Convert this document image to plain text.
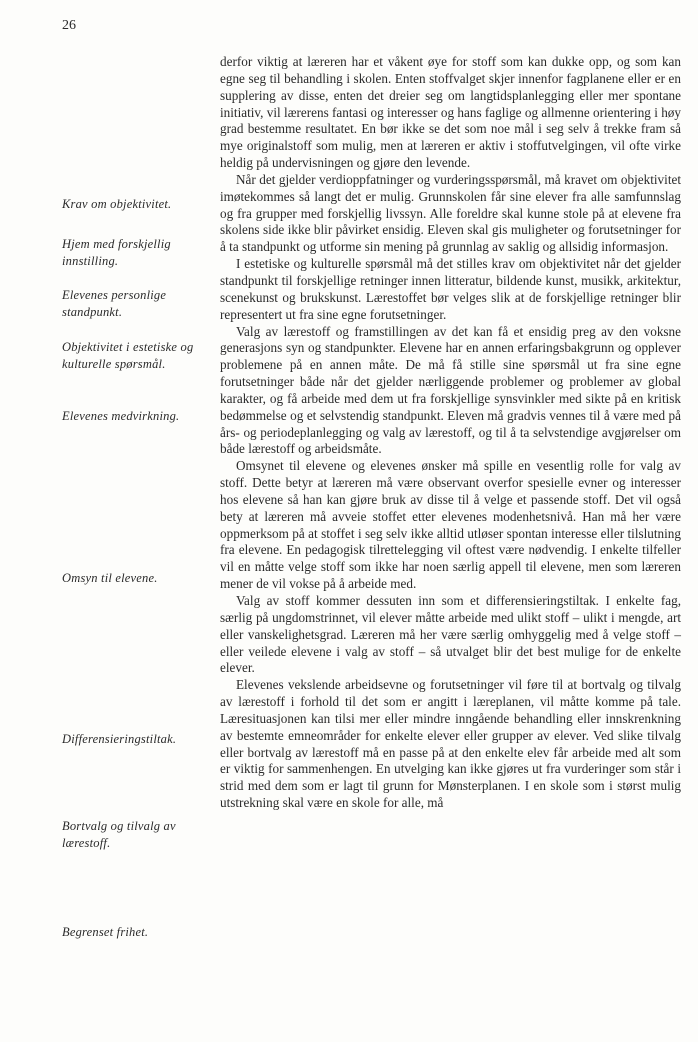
26
Krav om objektivitet.
Hjem med forskjellig innstilling.
Elevenes personlige standpunkt.
Objektivitet i estetiske og kulturelle spørsmål.
Elevenes medvirkning.
Omsyn til elevene.
Differensieringstiltak.
Bortvalg og tilvalg av lærestoff.
Begrenset frihet.

derfor viktig at læreren har et våkent øye for stoff som kan dukke opp, og som kan egne seg til behandling i skolen. Enten stoffvalget skjer innenfor fagplanene eller er en supplering av disse, enten det dreier seg om langtidsplanlegging eller mer spontane initiativ, vil lærerens fantasi og interesser og hans faglige og allmenne orientering i høy grad bestemme resultatet. En bør ikke se det som noe mål i seg selv å trekke fram så mye originalstoff som mulig, men at læreren er aktiv i stoffutvelgingen, vil ofte virke heldig på undervisningen og gjøre den levende.

Når det gjelder verdioppfatninger og vurderingsspørsmål, må kravet om objektivitet imøtekommes så langt det er mulig. Grunnskolen får sine elever fra alle samfunnslag og fra grupper med forskjellig livssyn. Alle foreldre skal kunne stole på at elevene fra skolens side ikke blir påvirket ensidig. Eleven skal gis muligheter og forutsetninger for å ta standpunkt og utforme sin mening på grunnlag av saklig og allsidig informasjon.

I estetiske og kulturelle spørsmål må det stilles krav om objektivitet når det gjelder standpunkt til forskjellige retninger innen litteratur, bildende kunst, musikk, arkitektur, scenekunst og brukskunst. Lærestoffet bør velges slik at de forskjellige retninger blir representert ut fra sine egne forutsetninger.

Valg av lærestoff og framstillingen av det kan få et ensidig preg av den voksne generasjons syn og standpunkter. Elevene har en annen erfaringsbakgrunn og opplever problemene på en annen måte. De må få stille sine spørsmål ut fra sine egne forutsetninger både når det gjelder nærliggende problemer og problemer av global karakter, og få arbeide med dem ut fra forskjellige synsvinkler med sikte på en kritisk bedømmelse og et selvstendig standpunkt. Eleven må gradvis vennes til å være med på års- og periodeplanlegging og valg av lærestoff, og til å ta selvstendige avgjørelser om både lærestoff og arbeidsmåte.

Omsynet til elevene og elevenes ønsker må spille en vesentlig rolle for valg av stoff. Dette betyr at læreren må være observant overfor spesielle evner og interesser hos elevene så han kan gjøre bruk av disse til å velge et passende stoff. Det vil også bety at læreren må avveie stoffet etter elevenes modenhetsnivå. Han må her være oppmerksom på at stoffet i seg selv ikke alltid utløser spontan interesse eller tilslutning fra elevene. En pedagogisk tilrettelegging vil oftest være nødvendig. I enkelte tilfeller vil en måtte velge stoff som ikke har noen særlig appell til elevene, men som læreren mener de vil vokse på å arbeide med.

Valg av stoff kommer dessuten inn som et differensieringstiltak. I enkelte fag, særlig på ungdomstrinnet, vil elever måtte arbeide med ulikt stoff – ulikt i mengde, art eller vanskelighetsgrad. Læreren må her være særlig omhyggelig med å velge stoff – eller veilede elevene i valg av stoff – så utvalget blir det best mulige for de enkelte elever.

Elevenes vekslende arbeidsevne og forutsetninger vil føre til at bortvalg og tilvalg av lærestoff i forhold til det som er angitt i læreplanen, vil måtte komme på tale. Læresituasjonen kan tilsi mer eller mindre inngående behandling eller innskrenkning av bestemte emneområder for enkelte elever eller grupper av elever. Ved slike tilvalg eller bortvalg av lærestoff må en passe på at den enkelte elev får arbeide med alt som er viktig for sammenhengen. En utvelging kan ikke gjøres ut fra vurderinger som står i strid med dem som er lagt til grunn for Mønsterplanen. I en skole som i størst mulig utstrekning skal være en skole for alle, må
